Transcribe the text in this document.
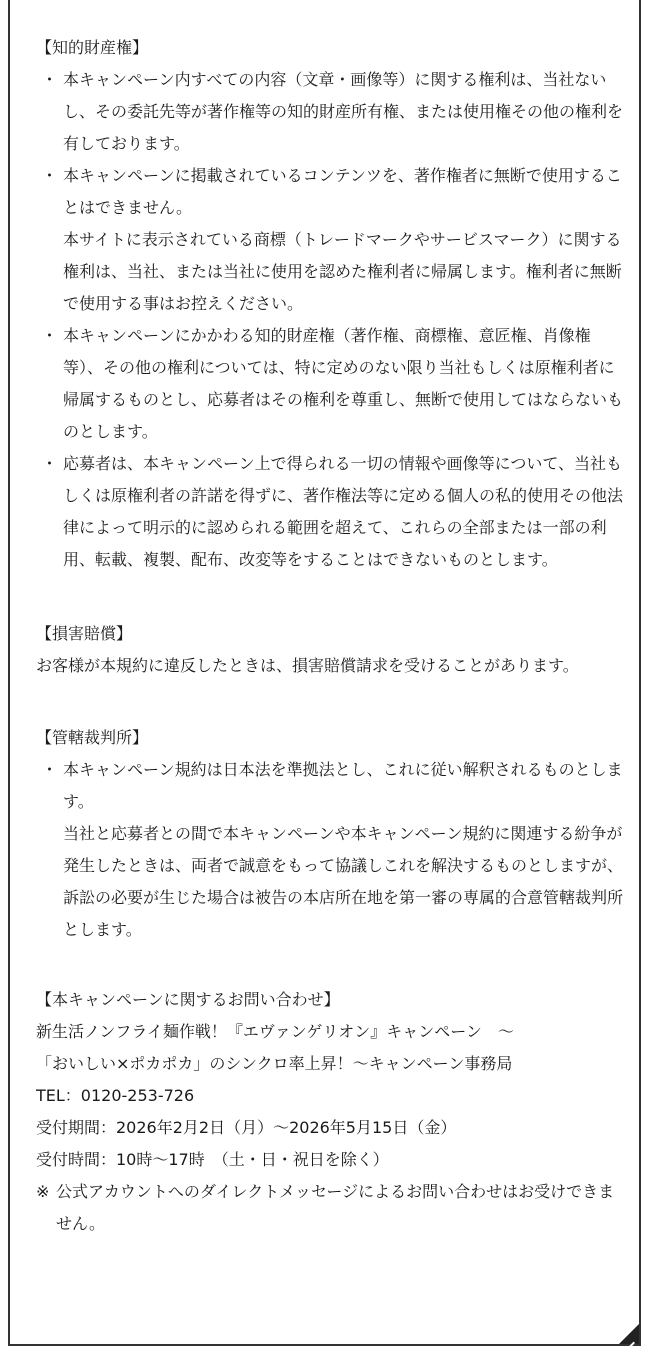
【知的財産権】
・ 本キャンペーン内すべての内容（文章・画像等）に関する権利は、当社ないし、その委託先等が著作権等の知的財産所有権、または使用権その他の権利を有しております。
・ 本キャンペーンに掲載されているコンテンツを、著作権者に無断で使用することはできません。
本サイトに表示されている商標（トレードマークやサービスマーク）に関する権利は、当社、または当社に使用を認めた権利者に帰属します。権利者に無断で使用する事はお控えください。
・ 本キャンペーンにかかわる知的財産権（著作権、商標権、意匠権、肖像権等）、その他の権利については、特に定めのない限り当社もしくは原権利者に帰属するものとし、応募者はその権利を尊重し、無断で使用してはならないものとします。
・ 応募者は、本キャンペーン上で得られる一切の情報や画像等について、当社もしくは原権利者の許諾を得ずに、著作権法等に定める個人の私的使用その他法律によって明示的に認められる範囲を超えて、これらの全部または一部の利用、転載、複製、配布、改変等をすることはできないものとします。
【損害賠償】
お客様が本規約に違反したときは、損害賠償請求を受けることがあります。
【管轄裁判所】
・ 本キャンペーン規約は日本法を準拠法とし、これに従い解釈されるものとします。
当社と応募者との間で本キャンペーンや本キャンペーン規約に関連する紛争が発生したときは、両者で誠意をもって協議しこれを解決するものとしますが、訴訟の必要が生じた場合は被告の本店所在地を第一審の専属的合意管轄裁判所とします。
【本キャンペーンに関するお問い合わせ】
新生活ノンフライ麺作戦！『エヴァンゲリオン』キャンペーン　～
「おいしい×ポカポカ」のシンクロ率上昇！～キャンペーン事務局
TEL：0120-253-726
受付期間：2026年2月2日（月）～2026年5月15日（金）
受付時間：10時～17時　（土・日・祝日を除く）
※ 公式アカウントへのダイレクトメッセージによるお問い合わせはお受けできません。
